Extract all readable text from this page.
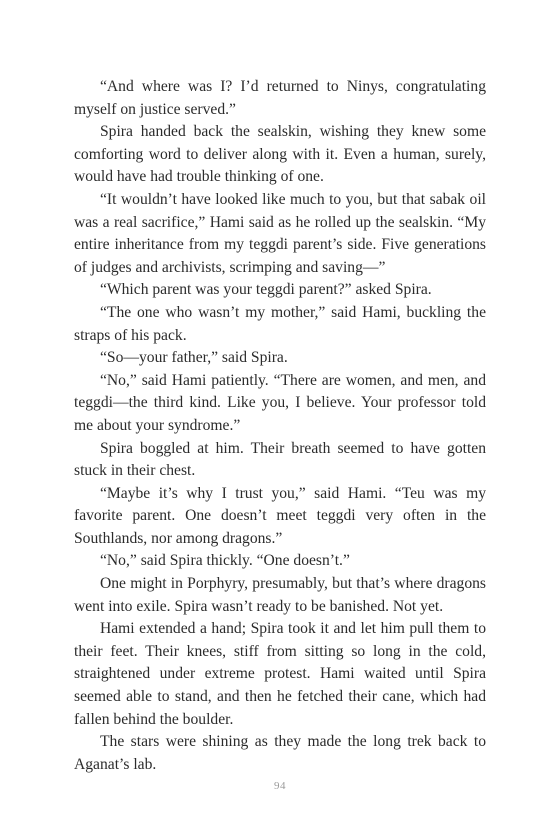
“And where was I? I’d returned to Ninys, congratulating myself on justice served.”

Spira handed back the sealskin, wishing they knew some comforting word to deliver along with it. Even a human, surely, would have had trouble thinking of one.

“It wouldn’t have looked like much to you, but that sabak oil was a real sacrifice,” Hami said as he rolled up the sealskin. “My entire inheritance from my teggdi parent’s side. Five generations of judges and archivists, scrimping and saving—”

“Which parent was your teggdi parent?” asked Spira.

“The one who wasn’t my mother,” said Hami, buckling the straps of his pack.

“So—your father,” said Spira.

“No,” said Hami patiently. “There are women, and men, and teggdi—the third kind. Like you, I believe. Your professor told me about your syndrome.”

Spira boggled at him. Their breath seemed to have gotten stuck in their chest.

“Maybe it’s why I trust you,” said Hami. “Teu was my favorite parent. One doesn’t meet teggdi very often in the Southlands, nor among dragons.”

“No,” said Spira thickly. “One doesn’t.”

One might in Porphyry, presumably, but that’s where dragons went into exile. Spira wasn’t ready to be banished. Not yet.

Hami extended a hand; Spira took it and let him pull them to their feet. Their knees, stiff from sitting so long in the cold, straightened under extreme protest. Hami waited until Spira seemed able to stand, and then he fetched their cane, which had fallen behind the boulder.

The stars were shining as they made the long trek back to Aganat’s lab.

94
